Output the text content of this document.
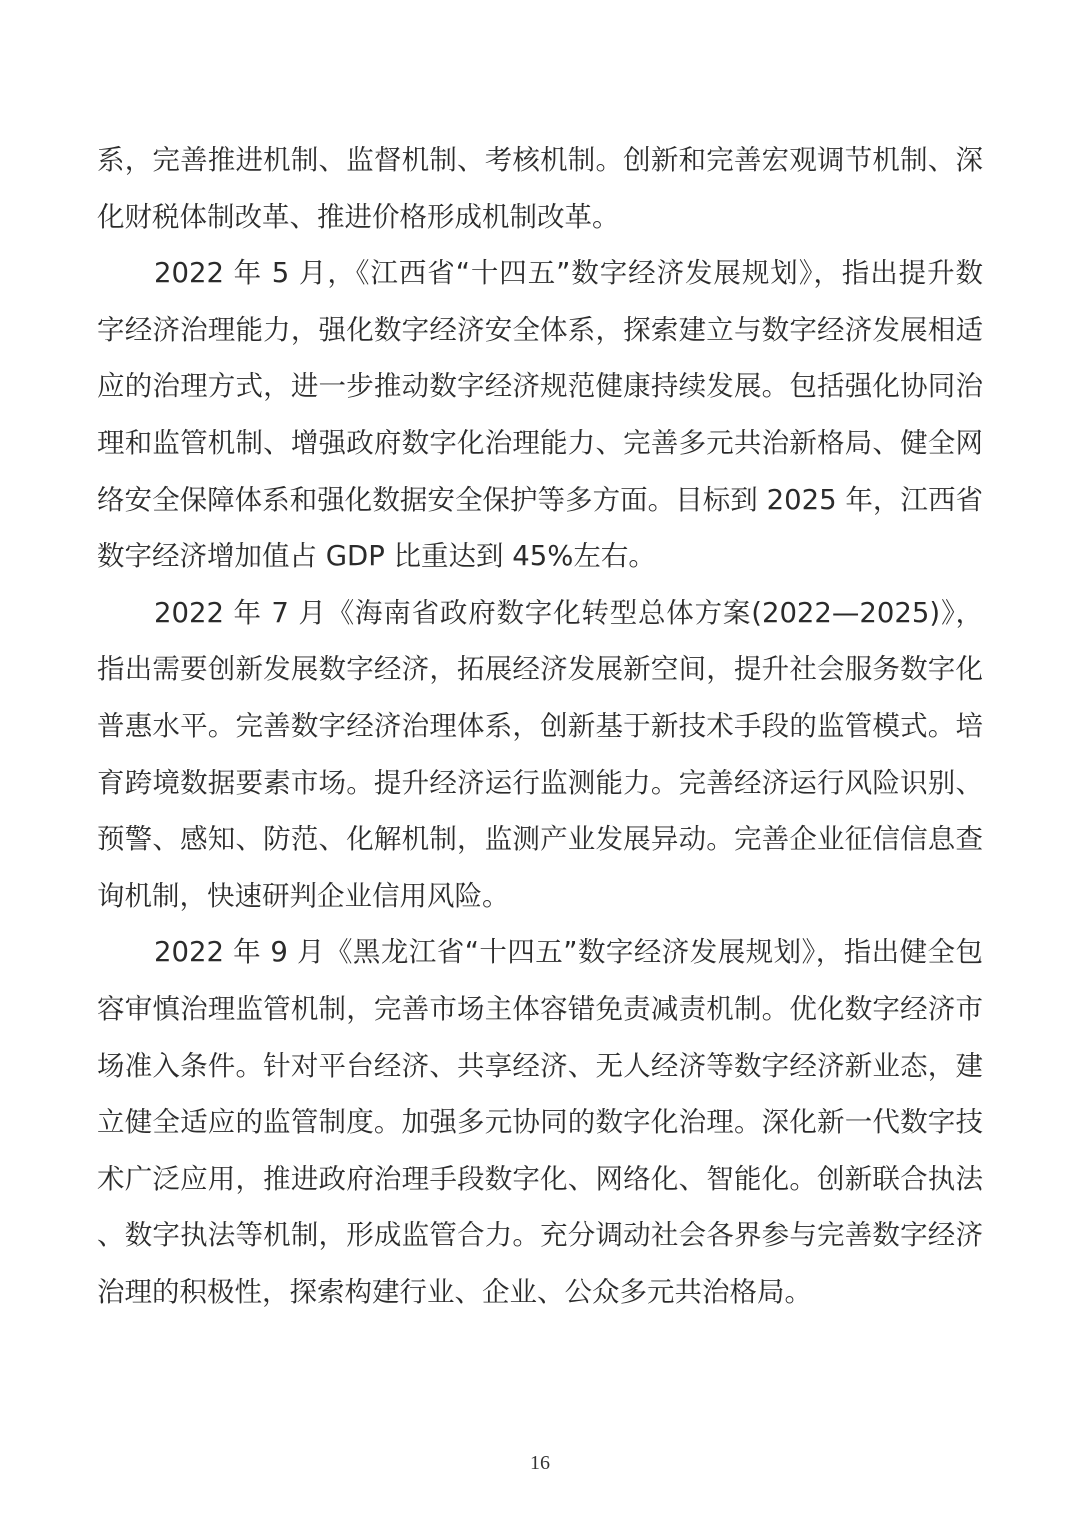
系，完善推进机制、监督机制、考核机制。创新和完善宏观调节机制、深化财税体制改革、推进价格形成机制改革。

2022 年 5 月，《江西省“十四五”数字经济发展规划》，指出提升数字经济治理能力，强化数字经济安全体系，探索建立与数字经济发展相适应的治理方式，进一步推动数字经济规范健康持续发展。包括强化协同治理和监管机制、增强政府数字化治理能力、完善多元共治新格局、健全网络安全保障体系和强化数据安全保护等多方面。目标到 2025 年，江西省数字经济增加值占 GDP 比重达到 45%左右。

2022 年 7 月《海南省政府数字化转型总体方案(2022—2025)》，指出需要创新发展数字经济，拓展经济发展新空间，提升社会服务数字化普惠水平。完善数字经济治理体系，创新基于新技术手段的监管模式。培育跨境数据要素市场。提升经济运行监测能力。完善经济运行风险识别、预警、感知、防范、化解机制，监测产业发展异动。完善企业征信信息查询机制，快速研判企业信用风险。

2022 年 9 月《黑龙江省“十四五”数字经济发展规划》，指出健全包容审慎治理监管机制，完善市场主体容错免责减责机制。优化数字经济市场准入条件。针对平台经济、共享经济、无人经济等数字经济新业态，建立健全适应的监管制度。加强多元协同的数字化治理。深化新一代数字技术广泛应用，推进政府治理手段数字化、网络化、智能化。创新联合执法、数字执法等机制，形成监管合力。充分调动社会各界参与完善数字经济治理的积极性，探索构建行业、企业、公众多元共治格局。

16
